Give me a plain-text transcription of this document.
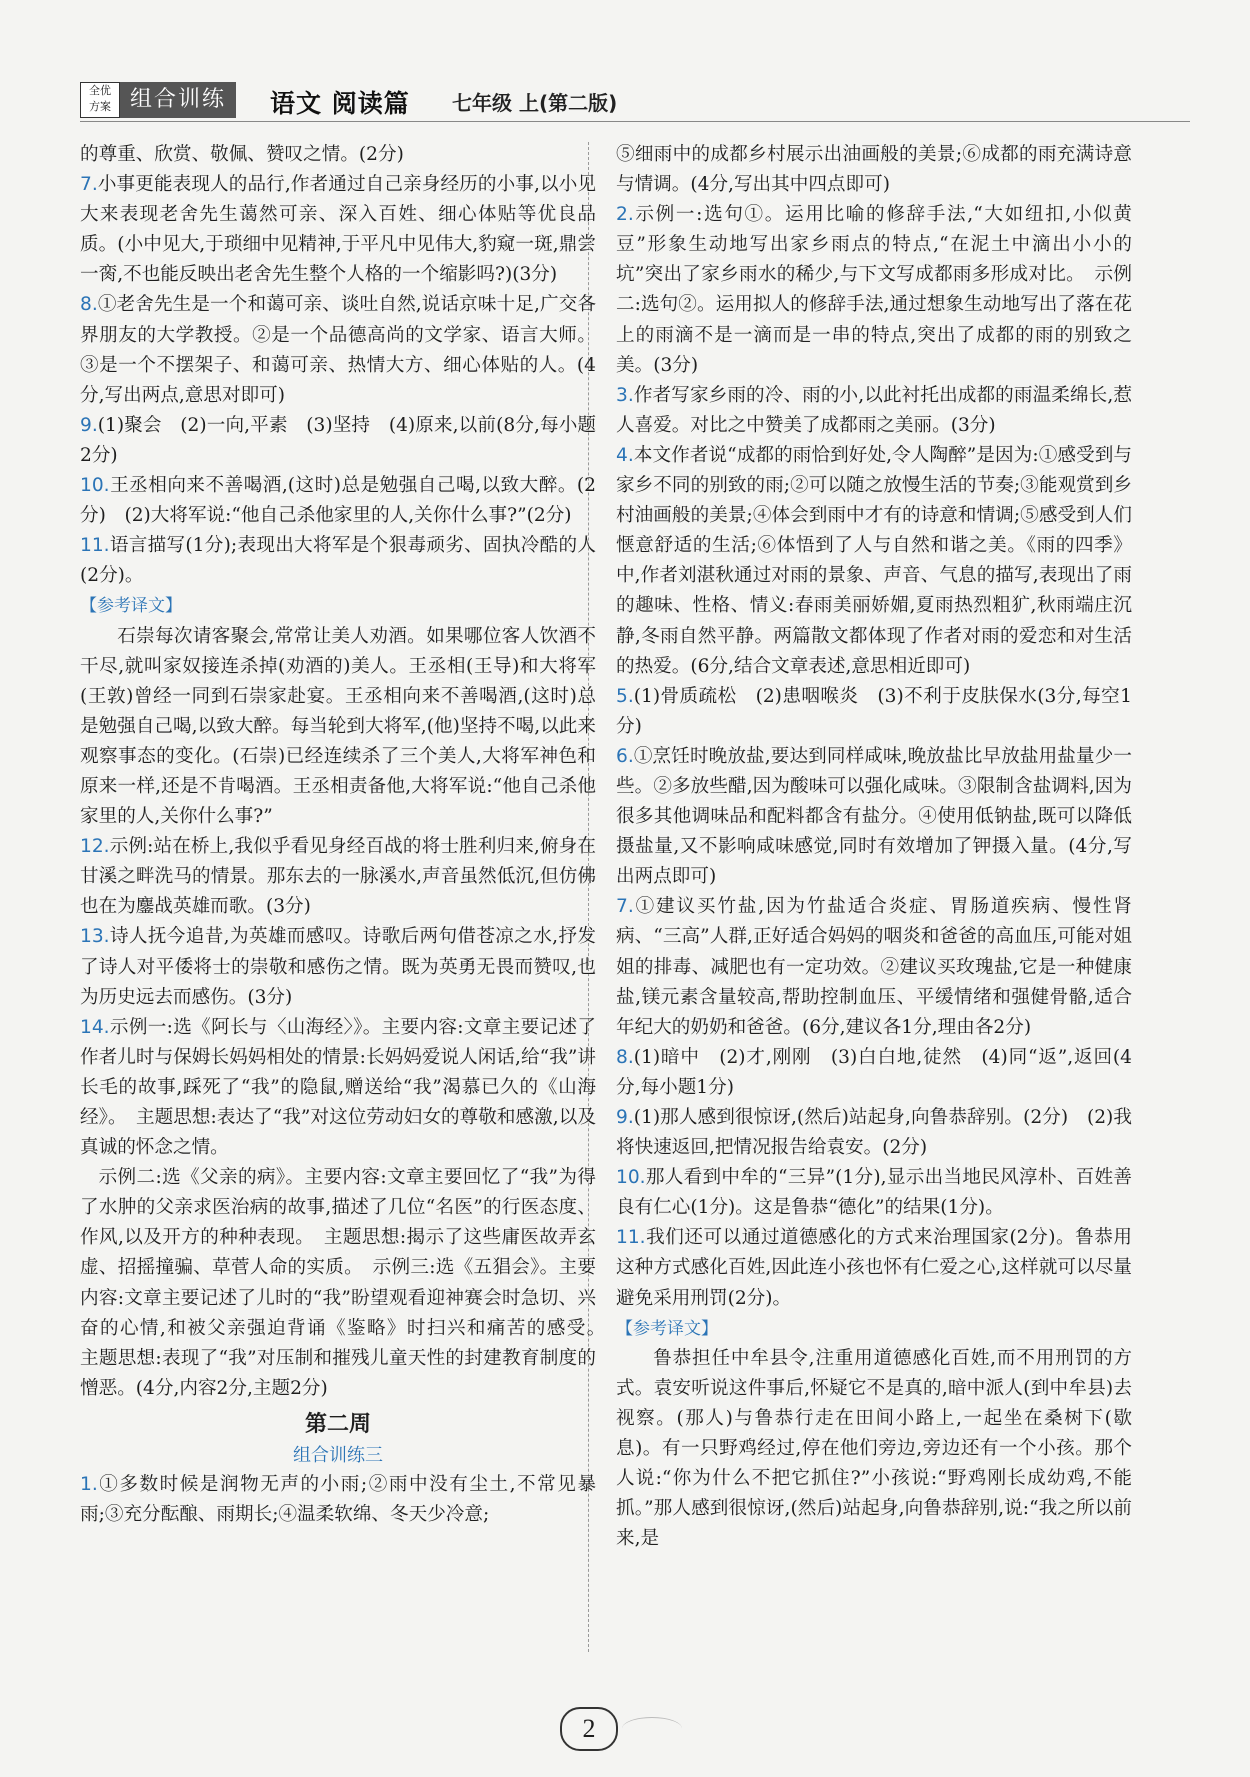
全优
方案 组合训练	语文 阅读篇 七年级 上(第二版)

的尊重、欣赏、敬佩、赞叹之情。(2分)

7.小事更能表现人的品行,作者通过自己亲身经历的小事,以小见大来表现老舍先生蔼然可亲、深入百姓、细心体贴等优良品质。(小中见大,于琐细中见精神,于平凡中见伟大,豹窥一斑,鼎尝一脔,不也能反映出老舍先生整个人格的一个缩影吗?)(3分)

8.①老舍先生是一个和蔼可亲、谈吐自然,说话京味十足,广交各界朋友的大学教授。②是一个品德高尚的文学家、语言大师。③是一个不摆架子、和蔼可亲、热情大方、细心体贴的人。(4分,写出两点,意思对即可)

9.(1)聚会　(2)一向,平素　(3)坚持　(4)原来,以前(8分,每小题2分)

10.王丞相向来不善喝酒,(这时)总是勉强自己喝,以致大醉。(2分)　(2)大将军说:“他自己杀他家里的人,关你什么事?”(2分)

11.语言描写(1分);表现出大将军是个狠毒顽劣、固执冷酷的人(2分)。

【参考译文】

石崇每次请客聚会,常常让美人劝酒。如果哪位客人饮酒不干尽,就叫家奴接连杀掉(劝酒的)美人。王丞相(王导)和大将军(王敦)曾经一同到石崇家赴宴。王丞相向来不善喝酒,(这时)总是勉强自己喝,以致大醉。每当轮到大将军,(他)坚持不喝,以此来观察事态的变化。(石崇)已经连续杀了三个美人,大将军神色和原来一样,还是不肯喝酒。王丞相责备他,大将军说:“他自己杀他家里的人,关你什么事?”

12.示例:站在桥上,我似乎看见身经百战的将士胜利归来,俯身在甘溪之畔洗马的情景。那东去的一脉溪水,声音虽然低沉,但仿佛也在为鏖战英雄而歌。(3分)

13.诗人抚今追昔,为英雄而感叹。诗歌后两句借苍凉之水,抒发了诗人对平倭将士的崇敬和感伤之情。既为英勇无畏而赞叹,也为历史远去而感伤。(3分)

14.示例一:选《阿长与〈山海经〉》。主要内容:文章主要记述了作者儿时与保姆长妈妈相处的情景:长妈妈爱说人闲话,给“我”讲长毛的故事,踩死了“我”的隐鼠,赠送给“我”渴慕已久的《山海经》。　主题思想:表达了“我”对这位劳动妇女的尊敬和感激,以及真诚的怀念之情。

示例二:选《父亲的病》。主要内容:文章主要回忆了“我”为得了水肿的父亲求医治病的故事,描述了几位“名医”的行医态度、作风,以及开方的种种表现。　主题思想:揭示了这些庸医故弄玄虚、招摇撞骗、草菅人命的实质。　示例三:选《五猖会》。主要内容:文章主要记述了儿时的“我”盼望观看迎神赛会时急切、兴奋的心情,和被父亲强迫背诵《鉴略》时扫兴和痛苦的感受。　主题思想:表现了“我”对压制和摧残儿童天性的封建教育制度的憎恶。(4分,内容2分,主题2分)

第二周
组合训练三

1.①多数时候是润物无声的小雨;②雨中没有尘土,不常见暴雨;③充分酝酿、雨期长;④温柔软绵、冬天少冷意;

⑤细雨中的成都乡村展示出油画般的美景;⑥成都的雨充满诗意与情调。(4分,写出其中四点即可)

2.示例一:选句①。运用比喻的修辞手法,“大如纽扣,小似黄豆”形象生动地写出家乡雨点的特点,“在泥土中滴出小小的坑”突出了家乡雨水的稀少,与下文写成都雨多形成对比。　示例二:选句②。运用拟人的修辞手法,通过想象生动地写出了落在花上的雨滴不是一滴而是一串的特点,突出了成都的雨的别致之美。(3分)

3.作者写家乡雨的冷、雨的小,以此衬托出成都的雨温柔绵长,惹人喜爱。对比之中赞美了成都雨之美丽。(3分)

4.本文作者说“成都的雨恰到好处,令人陶醉”是因为:①感受到与家乡不同的别致的雨;②可以随之放慢生活的节奏;③能观赏到乡村油画般的美景;④体会到雨中才有的诗意和情调;⑤感受到人们惬意舒适的生活;⑥体悟到了人与自然和谐之美。《雨的四季》中,作者刘湛秋通过对雨的景象、声音、气息的描写,表现出了雨的趣味、性格、情义:春雨美丽娇媚,夏雨热烈粗犷,秋雨端庄沉静,冬雨自然平静。两篇散文都体现了作者对雨的爱恋和对生活的热爱。(6分,结合文章表述,意思相近即可)

5.(1)骨质疏松　(2)患咽喉炎　(3)不利于皮肤保水(3分,每空1分)

6.①烹饪时晚放盐,要达到同样咸味,晚放盐比早放盐用盐量少一些。②多放些醋,因为酸味可以强化咸味。③限制含盐调料,因为很多其他调味品和配料都含有盐分。④使用低钠盐,既可以降低摄盐量,又不影响咸味感觉,同时有效增加了钾摄入量。(4分,写出两点即可)

7.①建议买竹盐,因为竹盐适合炎症、胃肠道疾病、慢性肾病、“三高”人群,正好适合妈妈的咽炎和爸爸的高血压,可能对姐姐的排毒、减肥也有一定功效。②建议买玫瑰盐,它是一种健康盐,镁元素含量较高,帮助控制血压、平缓情绪和强健骨骼,适合年纪大的奶奶和爸爸。(6分,建议各1分,理由各2分)

8.(1)暗中　(2)才,刚刚　(3)白白地,徒然　(4)同“返”,返回(4分,每小题1分)

9.(1)那人感到很惊讶,(然后)站起身,向鲁恭辞别。(2分)　(2)我将快速返回,把情况报告给袁安。(2分)

10.那人看到中牟的“三异”(1分),显示出当地民风淳朴、百姓善良有仁心(1分)。这是鲁恭“德化”的结果(1分)。

11.我们还可以通过道德感化的方式来治理国家(2分)。鲁恭用这种方式感化百姓,因此连小孩也怀有仁爱之心,这样就可以尽量避免采用刑罚(2分)。

【参考译文】

鲁恭担任中牟县令,注重用道德感化百姓,而不用刑罚的方式。袁安听说这件事后,怀疑它不是真的,暗中派人(到中牟县)去视察。(那人)与鲁恭行走在田间小路上,一起坐在桑树下(歇息)。有一只野鸡经过,停在他们旁边,旁边还有一个小孩。那个人说:“你为什么不把它抓住?”小孩说:“野鸡刚长成幼鸡,不能抓。”那人感到很惊讶,(然后)站起身,向鲁恭辞别,说:“我之所以前来,是

2
